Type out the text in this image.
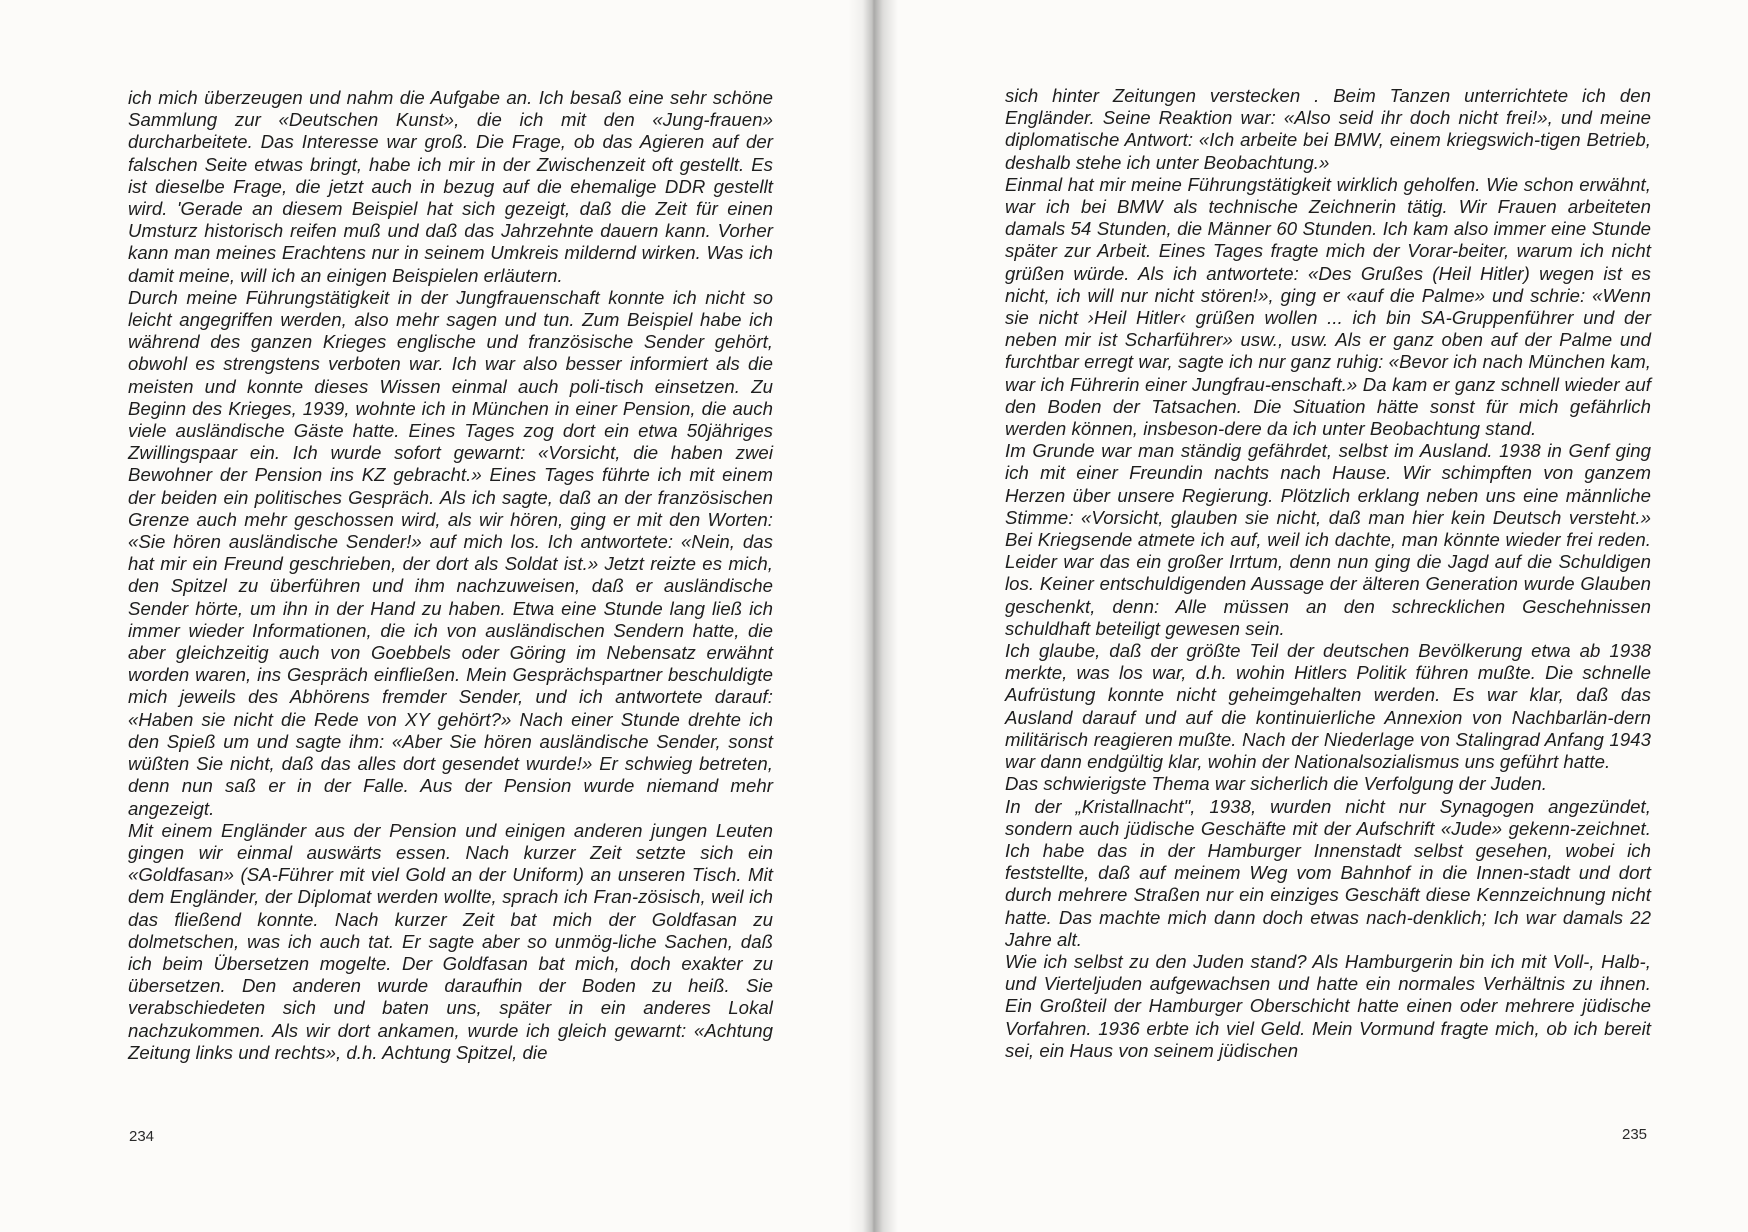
ich mich überzeugen und nahm die Aufgabe an. Ich besaß eine sehr schöne Sammlung zur «Deutschen Kunst», die ich mit den «Jung-frauen» durcharbeitete. Das Interesse war groß. Die Frage, ob das Agieren auf der falschen Seite etwas bringt, habe ich mir in der Zwischenzeit oft gestellt. Es ist dieselbe Frage, die jetzt auch in bezug auf die ehemalige DDR gestellt wird. 'Gerade an diesem Beispiel hat sich gezeigt, daß die Zeit für einen Umsturz historisch reifen muß und daß das Jahrzehnte dauern kann. Vorher kann man meines Erachtens nur in seinem Umkreis mildernd wirken. Was ich damit meine, will ich an einigen Beispielen erläutern.

Durch meine Führungstätigkeit in der Jungfrauenschaft konnte ich nicht so leicht angegriffen werden, also mehr sagen und tun. Zum Beispiel habe ich während des ganzen Krieges englische und französische Sender gehört, obwohl es strengstens verboten war. Ich war also besser informiert als die meisten und konnte dieses Wissen einmal auch poli-tisch einsetzen. Zu Beginn des Krieges, 1939, wohnte ich in München in einer Pension, die auch viele ausländische Gäste hatte. Eines Tages zog dort ein etwa 50jähriges Zwillingspaar ein. Ich wurde sofort gewarnt: «Vorsicht, die haben zwei Bewohner der Pension ins KZ gebracht.» Eines Tages führte ich mit einem der beiden ein politisches Gespräch. Als ich sagte, daß an der französischen Grenze auch mehr geschossen wird, als wir hören, ging er mit den Worten: «Sie hören ausländische Sender!» auf mich los. Ich antwortete: «Nein, das hat mir ein Freund geschrieben, der dort als Soldat ist.» Jetzt reizte es mich, den Spitzel zu überführen und ihm nachzuweisen, daß er ausländische Sender hörte, um ihn in der Hand zu haben. Etwa eine Stunde lang ließ ich immer wieder Informationen, die ich von ausländischen Sendern hatte, die aber gleichzeitig auch von Goebbels oder Göring im Nebensatz erwähnt worden waren, ins Gespräch einfließen. Mein Gesprächspartner beschuldigte mich jeweils des Abhörens fremder Sender, und ich antwortete darauf: «Haben sie nicht die Rede von XY gehört?» Nach einer Stunde drehte ich den Spieß um und sagte ihm: «Aber Sie hören ausländische Sender, sonst wüßten Sie nicht, daß das alles dort gesendet wurde!» Er schwieg betreten, denn nun saß er in der Falle. Aus der Pension wurde niemand mehr angezeigt.

Mit einem Engländer aus der Pension und einigen anderen jungen Leuten gingen wir einmal auswärts essen. Nach kurzer Zeit setzte sich ein «Goldfasan» (SA-Führer mit viel Gold an der Uniform) an unseren Tisch. Mit dem Engländer, der Diplomat werden wollte, sprach ich Fran-zösisch, weil ich das fließend konnte. Nach kurzer Zeit bat mich der Goldfasan zu dolmetschen, was ich auch tat. Er sagte aber so unmög-liche Sachen, daß ich beim Übersetzen mogelte. Der Goldfasan bat mich, doch exakter zu übersetzen. Den anderen wurde daraufhin der Boden zu heiß. Sie verabschiedeten sich und baten uns, später in ein anderes Lokal nachzukommen. Als wir dort ankamen, wurde ich gleich gewarnt: «Achtung Zeitung links und rechts», d.h. Achtung Spitzel, die

234

sich hinter Zeitungen verstecken . Beim Tanzen unterrichtete ich den Engländer. Seine Reaktion war: «Also seid ihr doch nicht frei!», und meine diplomatische Antwort: «Ich arbeite bei BMW, einem kriegswich-tigen Betrieb, deshalb stehe ich unter Beobachtung.»

Einmal hat mir meine Führungstätigkeit wirklich geholfen. Wie schon erwähnt, war ich bei BMW als technische Zeichnerin tätig. Wir Frauen arbeiteten damals 54 Stunden, die Männer 60 Stunden. Ich kam also immer eine Stunde später zur Arbeit. Eines Tages fragte mich der Vorar-beiter, warum ich nicht grüßen würde. Als ich antwortete: «Des Grußes (Heil Hitler) wegen ist es nicht, ich will nur nicht stören!», ging er «auf die Palme» und schrie: «Wenn sie nicht ›Heil Hitler‹ grüßen wollen ... ich bin SA-Gruppenführer und der neben mir ist Scharführer» usw., usw. Als er ganz oben auf der Palme und furchtbar erregt war, sagte ich nur ganz ruhig: «Bevor ich nach München kam, war ich Führerin einer Jungfrau-enschaft.» Da kam er ganz schnell wieder auf den Boden der Tatsachen. Die Situation hätte sonst für mich gefährlich werden können, insbeson-dere da ich unter Beobachtung stand.

Im Grunde war man ständig gefährdet, selbst im Ausland. 1938 in Genf ging ich mit einer Freundin nachts nach Hause. Wir schimpften von ganzem Herzen über unsere Regierung. Plötzlich erklang neben uns eine männliche Stimme: «Vorsicht, glauben sie nicht, daß man hier kein Deutsch versteht.» Bei Kriegsende atmete ich auf, weil ich dachte, man könnte wieder frei reden. Leider war das ein großer Irrtum, denn nun ging die Jagd auf die Schuldigen los. Keiner entschuldigenden Aussage der älteren Generation wurde Glauben geschenkt, denn: Alle müssen an den schrecklichen Geschehnissen schuldhaft beteiligt gewesen sein.

Ich glaube, daß der größte Teil der deutschen Bevölkerung etwa ab 1938 merkte, was los war, d.h. wohin Hitlers Politik führen mußte. Die schnelle Aufrüstung konnte nicht geheimgehalten werden. Es war klar, daß das Ausland darauf und auf die kontinuierliche Annexion von Nachbarlän-dern militärisch reagieren mußte. Nach der Niederlage von Stalingrad Anfang 1943 war dann endgültig klar, wohin der Nationalsozialismus uns geführt hatte.

Das schwierigste Thema war sicherlich die Verfolgung der Juden.

In der „Kristallnacht", 1938, wurden nicht nur Synagogen angezündet, sondern auch jüdische Geschäfte mit der Aufschrift «Jude» gekenn-zeichnet. Ich habe das in der Hamburger Innenstadt selbst gesehen, wobei ich feststellte, daß auf meinem Weg vom Bahnhof in die Innen-stadt und dort durch mehrere Straßen nur ein einziges Geschäft diese Kennzeichnung nicht hatte. Das machte mich dann doch etwas nach-denklich; Ich war damals 22 Jahre alt.

Wie ich selbst zu den Juden stand? Als Hamburgerin bin ich mit Voll-, Halb-, und Vierteljuden aufgewachsen und hatte ein normales Verhältnis zu ihnen. Ein Großteil der Hamburger Oberschicht hatte einen oder mehrere jüdische Vorfahren. 1936 erbte ich viel Geld. Mein Vormund fragte mich, ob ich bereit sei, ein Haus von seinem jüdischen

235
